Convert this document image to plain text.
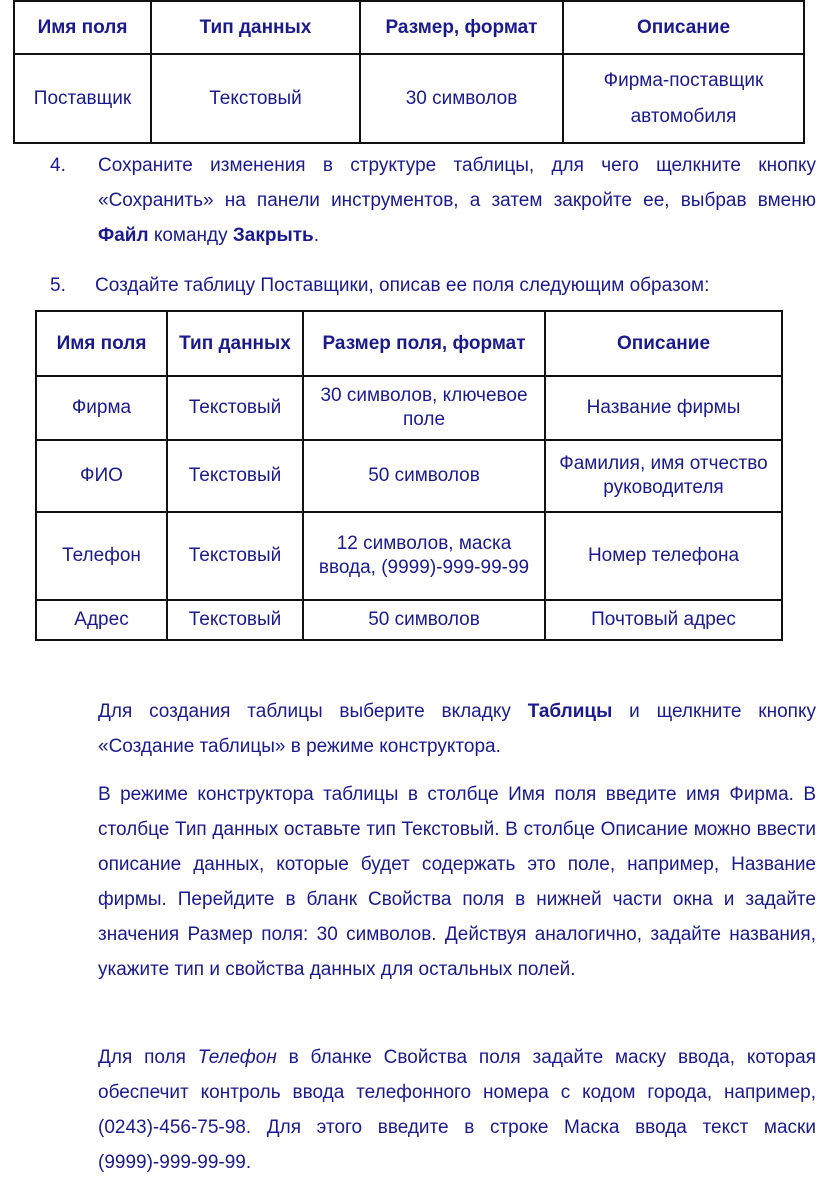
Имя поля	Тип данных	Размер, формат	Описание
Поставщик	Текстовый	30 символов	Фирма-поставщик
автомобиля
4. Сохраните изменения в структуре таблицы, для чего щелкните кнопку «Сохранить» на панели инструментов, а затем закройте ее, выбрав вменю Файл команду Закрыть.
5. Создайте таблицу Поставщики, описав ее поля следующим образом:
Имя поля	Тип данных	Размер поля, формат	Описание
Фирма	Текстовый	30 символов, ключевое поле	Название фирмы
ФИО	Текстовый	50 символов	Фамилия, имя отчество руководителя
Телефон	Текстовый	12 символов, маска ввода, (9999)-999-99-99	Номер телефона
Адрес	Текстовый	50 символов	Почтовый адрес
Для создания таблицы выберите вкладку Таблицы и щелкните кнопку «Создание таблицы» в режиме конструктора.
В режиме конструктора таблицы в столбце Имя поля введите имя Фирма. В столбце Тип данных оставьте тип Текстовый. В столбце Описание можно ввести описание данных, которые будет содержать это поле, например, Название фирмы. Перейдите в бланк Свойства поля в нижней части окна и задайте значения Размер поля: 30 символов. Действуя аналогично, задайте названия, укажите тип и свойства данных для остальных полей.
Для поля Телефон в бланке Свойства поля задайте маску ввода, которая обеспечит контроль ввода телефонного номера с кодом города, например, (0243)-456-75-98. Для этого введите в строке Маска ввода текст маски (9999)-999-99-99.
